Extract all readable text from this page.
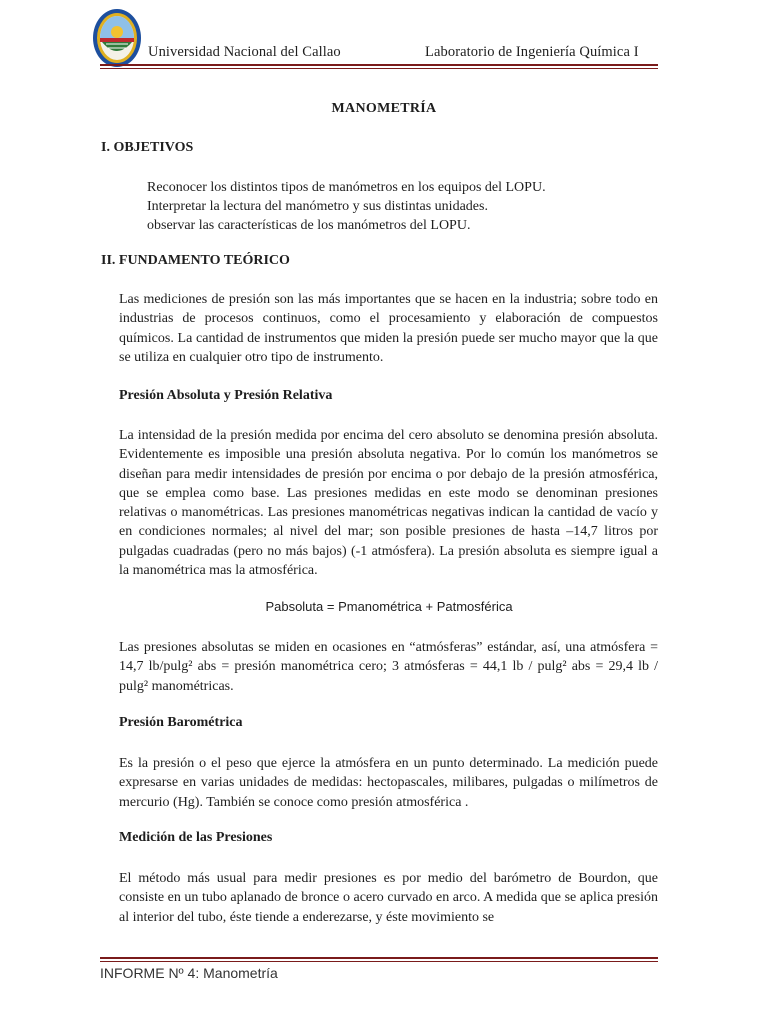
Universidad Nacional del Callao	Laboratorio de Ingeniería Química I
MANOMETRÍA
I. OBJETIVOS
Reconocer los distintos tipos de manómetros en los equipos del LOPU.
Interpretar la lectura del manómetro y sus distintas unidades.
observar las características de los manómetros del LOPU.
II. FUNDAMENTO TEÓRICO

Las mediciones de presión son las más importantes que se hacen en la industria; sobre todo en industrias de procesos continuos, como el procesamiento y elaboración de compuestos químicos. La cantidad de instrumentos que miden la presión puede ser mucho mayor que la que se utiliza en cualquier otro tipo de instrumento.

Presión Absoluta y Presión Relativa

La intensidad de la presión medida por encima del cero absoluto se denomina presión absoluta. Evidentemente es imposible una presión absoluta negativa. Por lo común los manómetros se diseñan para medir intensidades de presión por encima o por debajo de la presión atmosférica, que se emplea como base. Las presiones medidas en este modo se denominan presiones relativas o manométricas. Las presiones manométricas negativas indican la cantidad de vacío y en condiciones normales; al nivel del mar; son posible presiones de hasta –14,7 litros por pulgadas cuadradas (pero no más bajos) (-1 atmósfera). La presión absoluta es siempre igual a la manométrica mas la atmosférica.

Pabsoluta = Pmanométrica + Patmosférica

Las presiones absolutas se miden en ocasiones en “atmósferas” estándar, así, una atmósfera = 14,7 lb/pulg² abs = presión manométrica cero; 3 atmósferas = 44,1 lb / pulg² abs = 29,4 lb / pulg² manométricas.

Presión Barométrica

Es la presión o el peso que ejerce la atmósfera en un punto determinado. La medición puede expresarse en varias unidades de medidas: hectopascales, milibares, pulgadas o milímetros de mercurio (Hg). También se conoce como presión atmosférica .

Medición de las Presiones

El método más usual para medir presiones es por medio del barómetro de Bourdon, que consiste en un tubo aplanado de bronce o acero curvado en arco. A medida que se aplica presión al interior del tubo, éste tiende a enderezarse, y éste movimiento se

INFORME Nº 4: Manometría
